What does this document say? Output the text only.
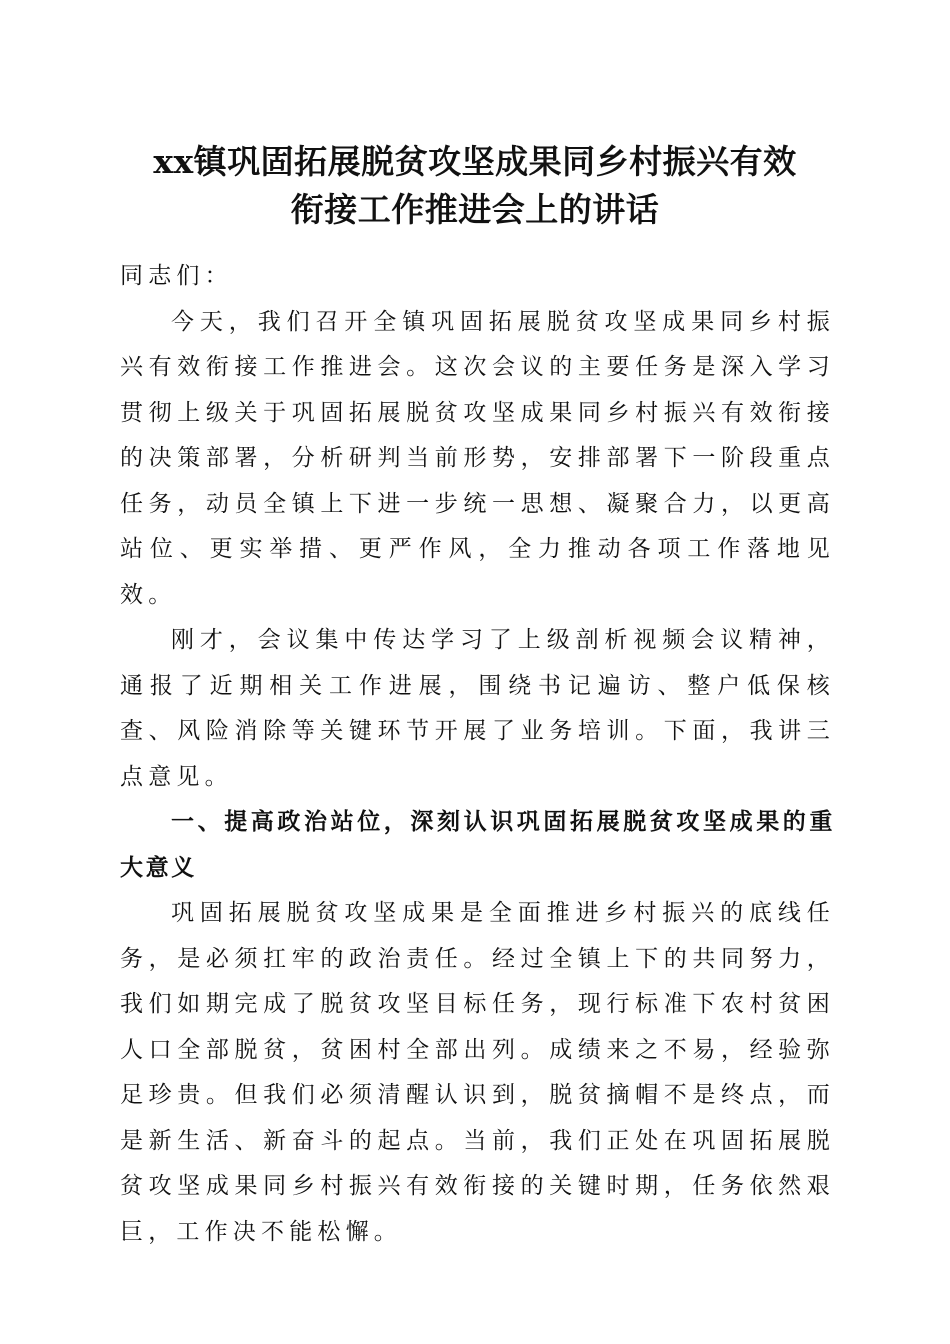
xx镇巩固拓展脱贫攻坚成果同乡村振兴有效
衔接工作推进会上的讲话

同志们：

今天，我们召开全镇巩固拓展脱贫攻坚成果同乡村振兴有效衔接工作推进会。这次会议的主要任务是深入学习贯彻上级关于巩固拓展脱贫攻坚成果同乡村振兴有效衔接的决策部署，分析研判当前形势，安排部署下一阶段重点任务，动员全镇上下进一步统一思想、凝聚合力，以更高站位、更实举措、更严作风，全力推动各项工作落地见效。

刚才，会议集中传达学习了上级剖析视频会议精神，通报了近期相关工作进展，围绕书记遍访、整户低保核查、风险消除等关键环节开展了业务培训。下面，我讲三点意见。

一、提高政治站位，深刻认识巩固拓展脱贫攻坚成果的重大意义

巩固拓展脱贫攻坚成果是全面推进乡村振兴的底线任务，是必须扛牢的政治责任。经过全镇上下的共同努力，我们如期完成了脱贫攻坚目标任务，现行标准下农村贫困人口全部脱贫，贫困村全部出列。成绩来之不易，经验弥足珍贵。但我们必须清醒认识到，脱贫摘帽不是终点，而是新生活、新奋斗的起点。当前，我们正处在巩固拓展脱贫攻坚成果同乡村振兴有效衔接的关键时期，任务依然艰巨，工作决不能松懈。
